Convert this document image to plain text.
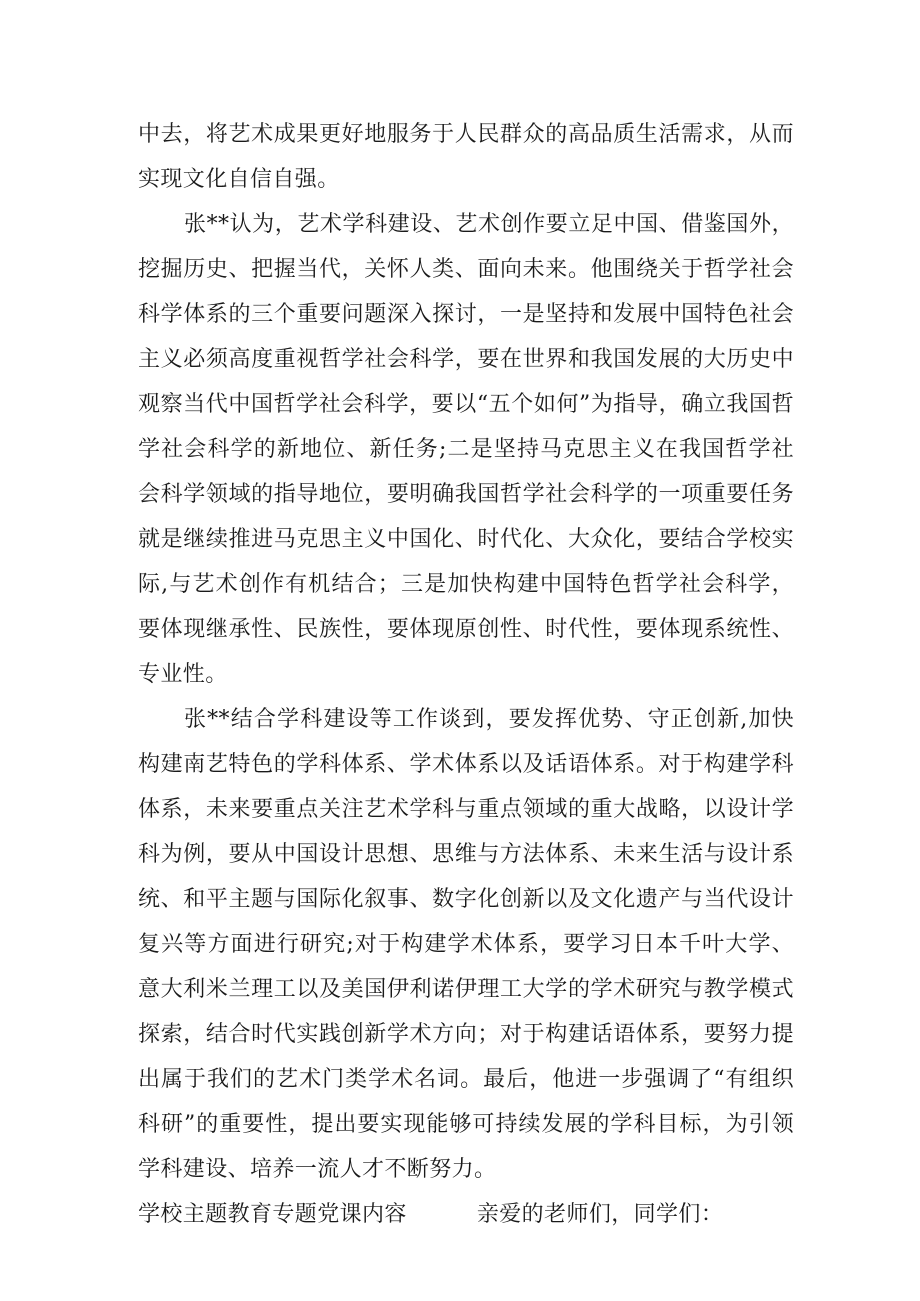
中去，将艺术成果更好地服务于人民群众的高品质生活需求，从而实现文化自信自强。

张**认为，艺术学科建设、艺术创作要立足中国、借鉴国外，挖掘历史、把握当代，关怀人类、面向未来。他围绕关于哲学社会科学体系的三个重要问题深入探讨，一是坚持和发展中国特色社会主义必须高度重视哲学社会科学，要在世界和我国发展的大历史中观察当代中国哲学社会科学，要以“五个如何”为指导，确立我国哲学社会科学的新地位、新任务;二是坚持马克思主义在我国哲学社会科学领域的指导地位，要明确我国哲学社会科学的一项重要任务就是继续推进马克思主义中国化、时代化、大众化，要结合学校实际,与艺术创作有机结合；三是加快构建中国特色哲学社会科学，要体现继承性、民族性，要体现原创性、时代性，要体现系统性、专业性。

张**结合学科建设等工作谈到，要发挥优势、守正创新,加快构建南艺特色的学科体系、学术体系以及话语体系。对于构建学科体系，未来要重点关注艺术学科与重点领域的重大战略，以设计学科为例，要从中国设计思想、思维与方法体系、未来生活与设计系统、和平主题与国际化叙事、数字化创新以及文化遗产与当代设计复兴等方面进行研究;对于构建学术体系，要学习日本千叶大学、意大利米兰理工以及美国伊利诺伊理工大学的学术研究与教学模式探索，结合时代实践创新学术方向；对于构建话语体系，要努力提出属于我们的艺术门类学术名词。最后，他进一步强调了“有组织科研”的重要性，提出要实现能够可持续发展的学科目标，为引领学科建设、培养一流人才不断努力。

学校主题教育专题党课内容	亲爱的老师们，同学们：
